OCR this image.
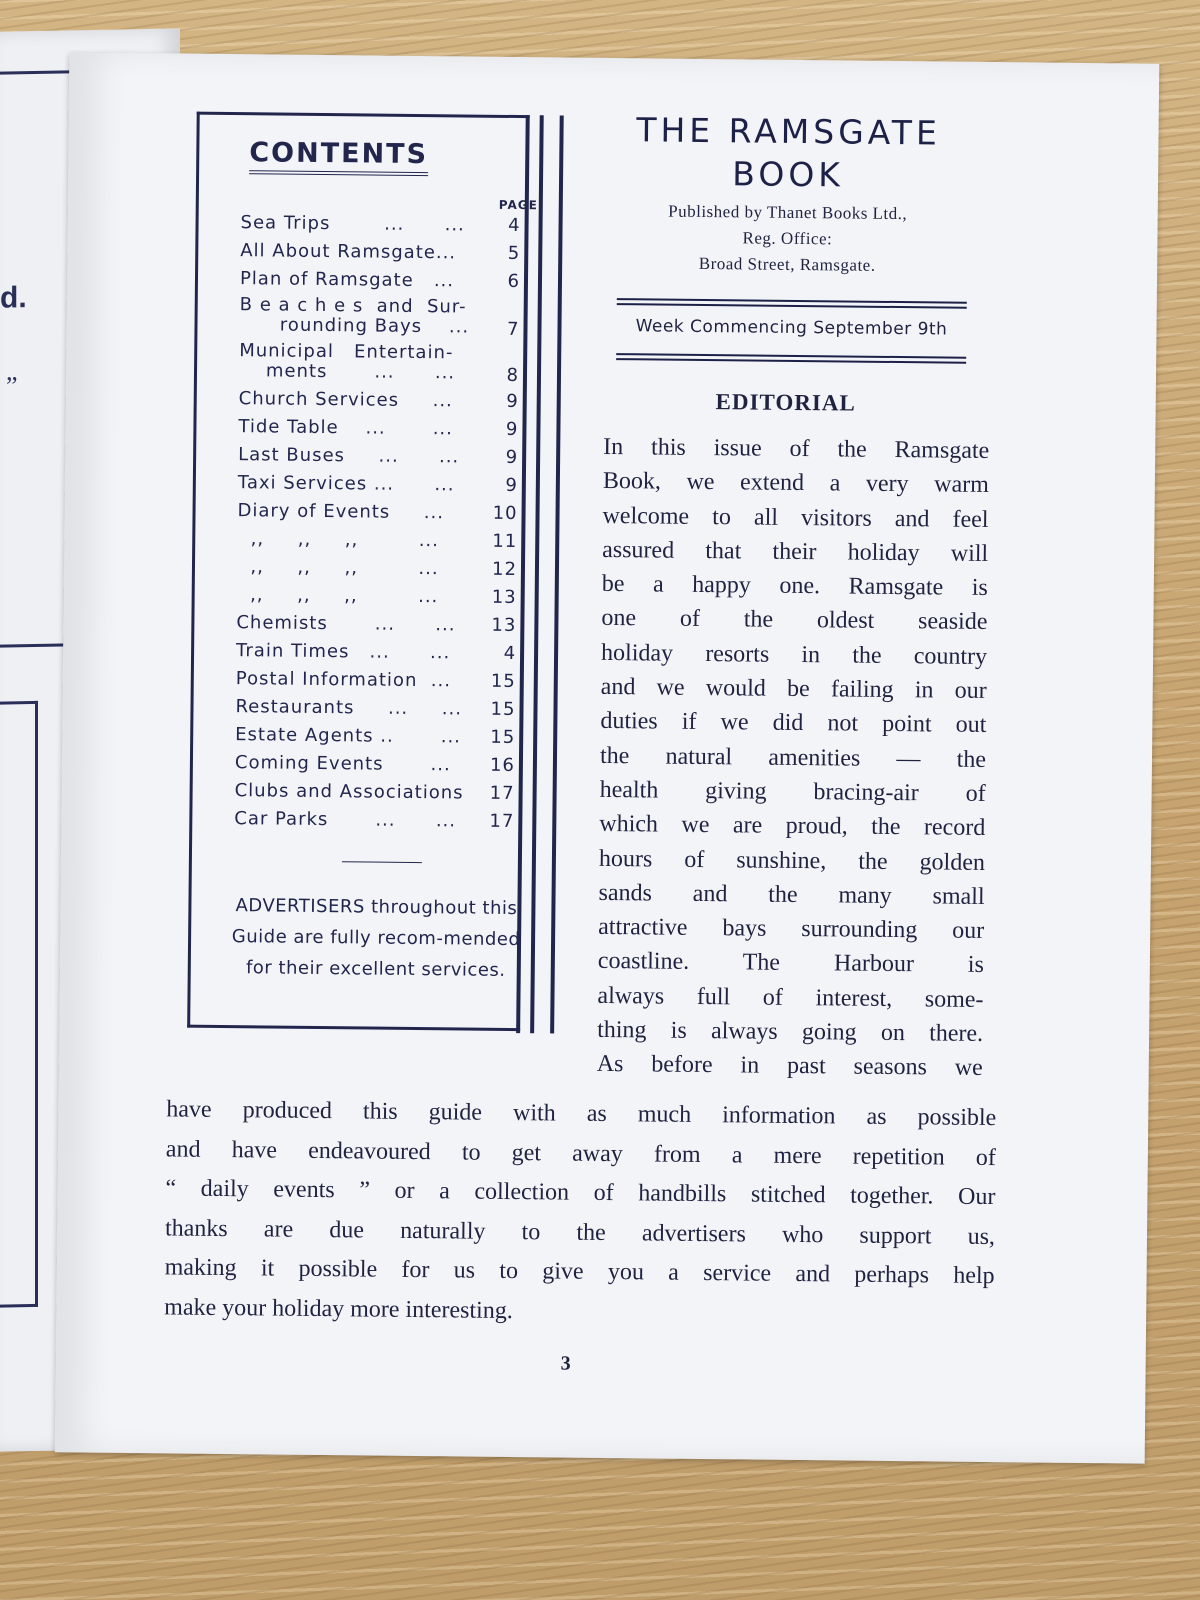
d.
”
CONTENTS
PAGE
Sea Trips        ...      ... 4
All About Ramsgate...	5
Plan of Ramsgate   ...	6
B e a c h e s  and  Sur-
rounding Bays    ... 7
Municipal   Entertain-
ments       ...      ...	8
Church Services     ...	9
Tide Table    ...       ...	9
Last Buses     ...      ...	9
Taxi Services ...      ...	9
Diary of Events     ...	10
,,     ,,     ,,         ...	11
,,     ,,     ,,         ...	12
,,     ,,     ,,         ...	13
Chemists       ...      ... 13
Train Times   ...      ...	4
Postal Information  ... 15
Restaurants     ...     ... 15
Estate Agents ..       ... 15
Coming Events       ... 16
Clubs and Associations 17
Car Parks       ...      ... 17
ADVERTISERS throughout this Guide are fully recom-mended for their excellent services.
THE RAMSGATE
BOOK
Published by Thanet Books Ltd.,
Reg. Office:
Broad Street, Ramsgate.
Week Commencing September 9th
EDITORIAL
In this issue of the Ramsgate
Book, we extend a very warm
welcome to all visitors and feel
assured that their holiday will
be a happy one. Ramsgate is
one of the oldest seaside
holiday resorts in the country
and we would be failing in our
duties if we did not point out
the natural amenities — the
health giving bracing-air of
which we are proud, the record
hours of sunshine, the golden
sands and the many small
attractive bays surrounding our
coastline. The Harbour is
always full of interest, some-
thing is always going on there.
As before in past seasons we
have produced this guide with as much information as possible
and have endeavoured to get away from a mere repetition of
“ daily events ” or a collection of handbills stitched together. Our
thanks are due naturally to the advertisers who support us,
making it possible for us to give you a service and perhaps help
make your holiday more interesting.
3
